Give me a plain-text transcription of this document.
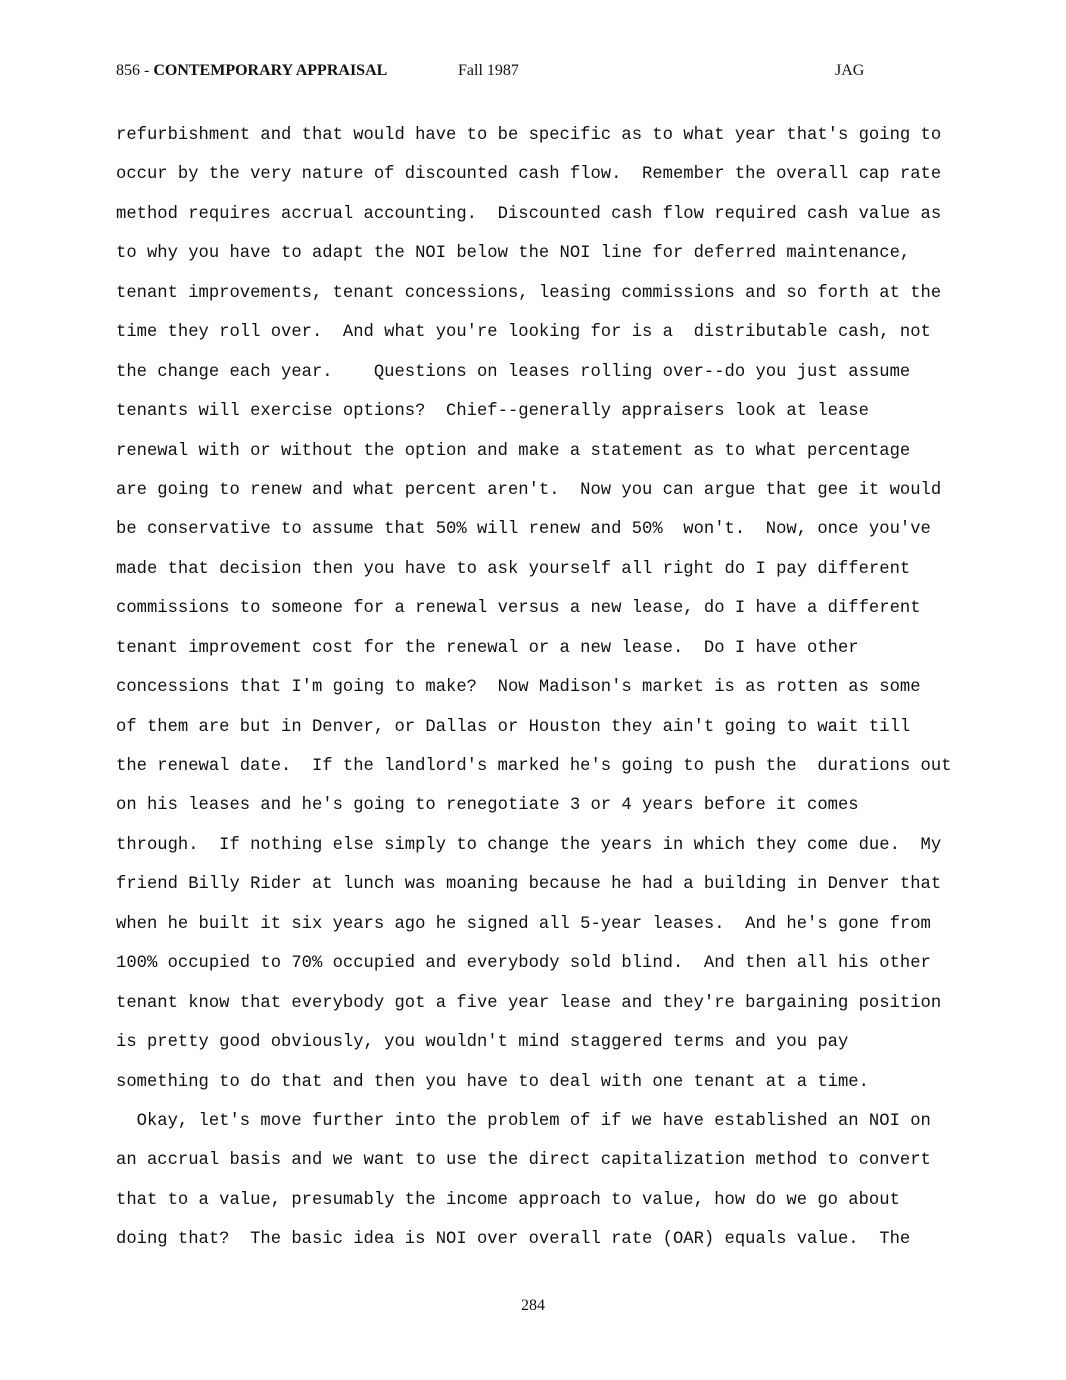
856 - CONTEMPORARY APPRAISAL	Fall 1987	JAG
refurbishment and that would have to be specific as to what year that's going to
occur by the very nature of discounted cash flow.  Remember the overall cap rate
method requires accrual accounting.  Discounted cash flow required cash value as
to why you have to adapt the NOI below the NOI line for deferred maintenance,
tenant improvements, tenant concessions, leasing commissions and so forth at the
time they roll over.  And what you're looking for is a  distributable cash, not
the change each year.    Questions on leases rolling over--do you just assume
tenants will exercise options?  Chief--generally appraisers look at lease
renewal with or without the option and make a statement as to what percentage
are going to renew and what percent aren't.  Now you can argue that gee it would
be conservative to assume that 50% will renew and 50%  won't.  Now, once you've
made that decision then you have to ask yourself all right do I pay different
commissions to someone for a renewal versus a new lease, do I have a different
tenant improvement cost for the renewal or a new lease.  Do I have other
concessions that I'm going to make?  Now Madison's market is as rotten as some
of them are but in Denver, or Dallas or Houston they ain't going to wait till
the renewal date.  If the landlord's marked he's going to push the  durations out
on his leases and he's going to renegotiate 3 or 4 years before it comes
through.  If nothing else simply to change the years in which they come due.  My
friend Billy Rider at lunch was moaning because he had a building in Denver that
when he built it six years ago he signed all 5-year leases.  And he's gone from
100% occupied to 70% occupied and everybody sold blind.  And then all his other
tenant know that everybody got a five year lease and they're bargaining position
is pretty good obviously, you wouldn't mind staggered terms and you pay
something to do that and then you have to deal with one tenant at a time.
Okay, let's move further into the problem of if we have established an NOI on
an accrual basis and we want to use the direct capitalization method to convert
that to a value, presumably the income approach to value, how do we go about
doing that?  The basic idea is NOI over overall rate (OAR) equals value.  The
284
